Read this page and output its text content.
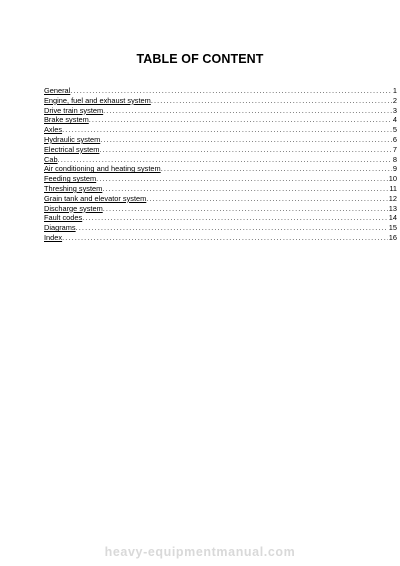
TABLE OF CONTENT
General .....	1
Engine, fuel and exhaust system .....	2
Drive train system .....	3
Brake system .....	4
Axles .....	5
Hydraulic system .....	6
Electrical system .....	7
Cab .....	8
Air conditioning and heating system .....	9
Feeding system .....	10
Threshing system .....	11
Grain tank and elevator system .....	12
Discharge system .....	13
Fault codes .....	14
Diagrams .....	15
Index .....	16
heavy-equipmentmanual.com
